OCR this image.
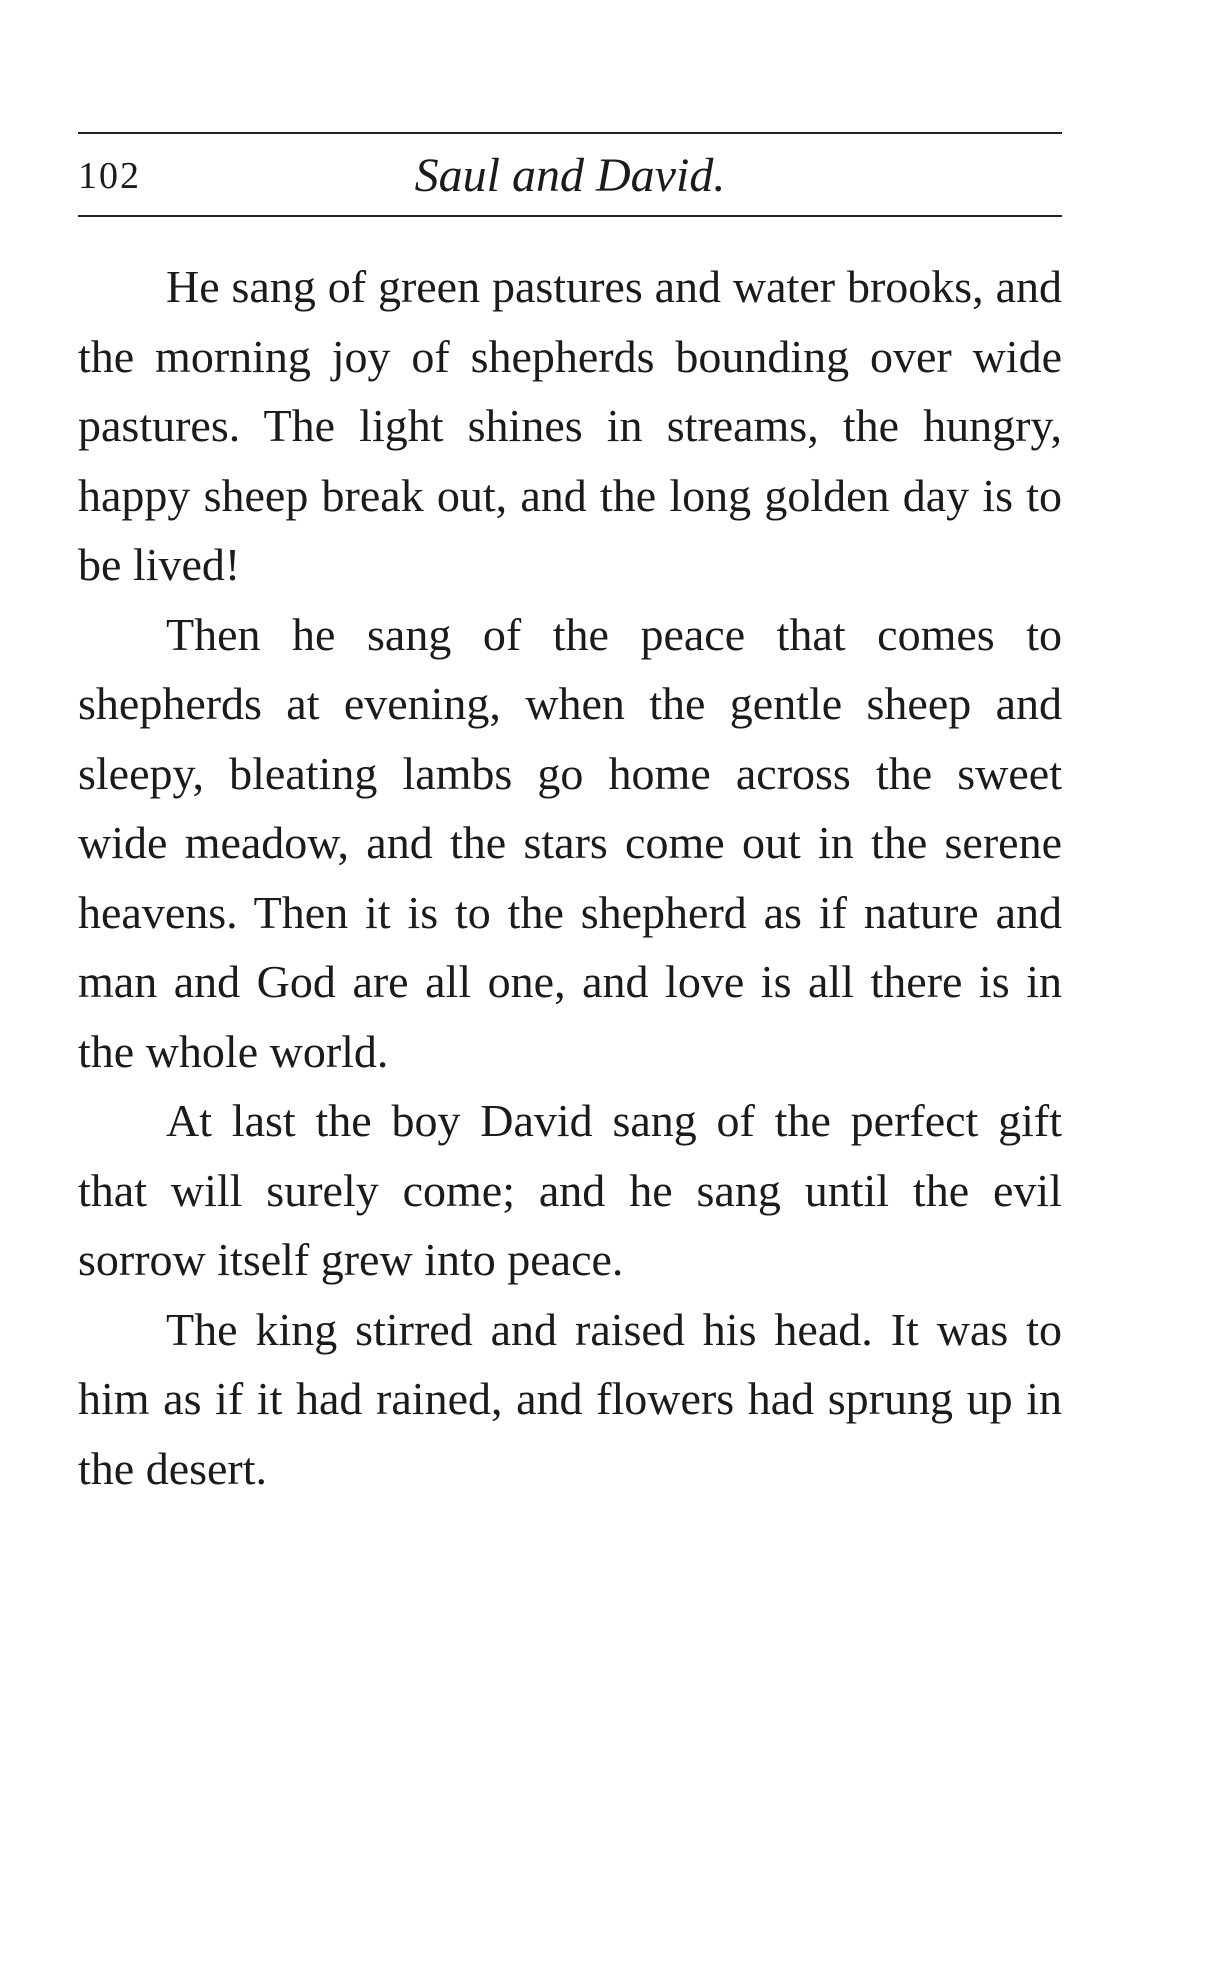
102	Saul and David.

He sang of green pastures and water brooks, and the morning joy of shepherds bounding over wide pastures. The light shines in streams, the hungry, happy sheep break out, and the long golden day is to be lived!

Then he sang of the peace that comes to shepherds at evening, when the gentle sheep and sleepy, bleating lambs go home across the sweet wide meadow, and the stars come out in the serene heavens. Then it is to the shepherd as if nature and man and God are all one, and love is all there is in the whole world.

At last the boy David sang of the perfect gift that will surely come; and he sang until the evil sorrow itself grew into peace.

The king stirred and raised his head. It was to him as if it had rained, and flowers had sprung up in the desert.
